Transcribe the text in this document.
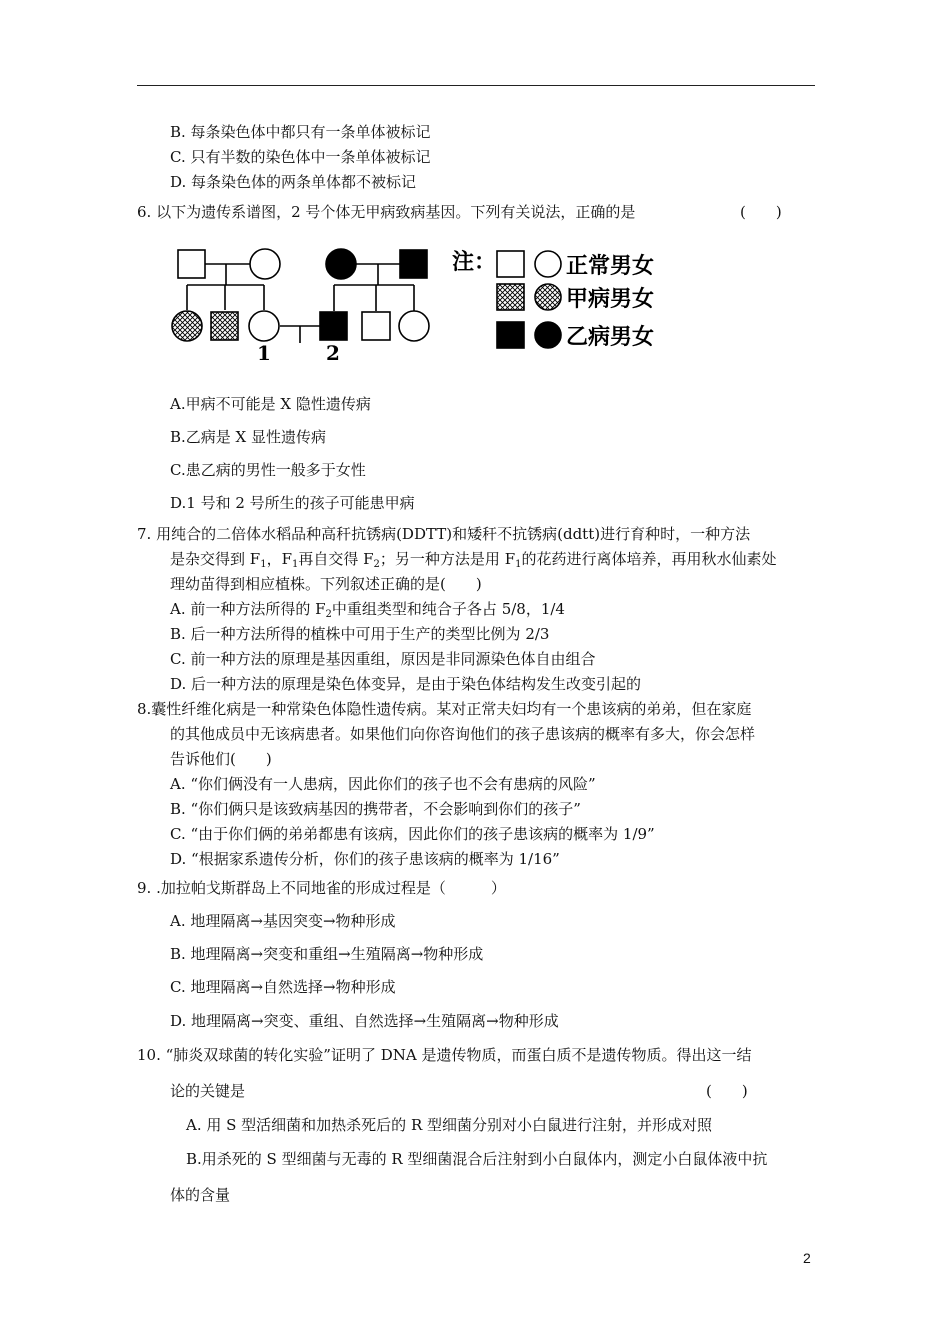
B. 每条染色体中都只有一条单体被标记
C. 只有半数的染色体中一条单体被标记
D. 每条染色体的两条单体都不被标记
6. 以下为遗传系谱图，2 号个体无甲病致病基因。下列有关说法，正确的是	(　　)
1	2
注：	正常男女
甲病男女
乙病男女
A.甲病不可能是 X 隐性遗传病
B.乙病是 X 显性遗传病
C.患乙病的男性一般多于女性
D.1 号和 2 号所生的孩子可能患甲病
7. 用纯合的二倍体水稻品种高秆抗锈病(DDTT)和矮秆不抗锈病(ddtt)进行育种时，一种方法
是杂交得到 $F_1$，$F_1$再自交得 $F_2$；另一种方法是用 $F_1$的花药进行离体培养，再用秋水仙素处
理幼苗得到相应植株。下列叙述正确的是(　　)
A. 前一种方法所得的 $F_2$中重组类型和纯合子各占 5/8，1/4
B. 后一种方法所得的植株中可用于生产的类型比例为 2/3
C. 前一种方法的原理是基因重组，原因是非同源染色体自由组合
D. 后一种方法的原理是染色体变异，是由于染色体结构发生改变引起的
8.囊性纤维化病是一种常染色体隐性遗传病。某对正常夫妇均有一个患该病的弟弟，但在家庭
的其他成员中无该病患者。如果他们向你咨询他们的孩子患该病的概率有多大，你会怎样
告诉他们(　　)
A. “你们俩没有一人患病，因此你们的孩子也不会有患病的风险”
B. “你们俩只是该致病基因的携带者，不会影响到你们的孩子”
C. “由于你们俩的弟弟都患有该病，因此你们的孩子患该病的概率为 1/9”
D. “根据家系遗传分析，你们的孩子患该病的概率为 1/16”
9. .加拉帕戈斯群岛上不同地雀的形成过程是（　　　）
A. 地理隔离→基因突变→物种形成
B. 地理隔离→突变和重组→生殖隔离→物种形成
C. 地理隔离→自然选择→物种形成
D. 地理隔离→突变、重组、自然选择→生殖隔离→物种形成
10. “肺炎双球菌的转化实验”证明了 DNA 是遗传物质，而蛋白质不是遗传物质。得出这一结
论的关键是	(　　)
A. 用 S 型活细菌和加热杀死后的 R 型细菌分别对小白鼠进行注射，并形成对照
B.用杀死的 S 型细菌与无毒的 R 型细菌混合后注射到小白鼠体内，测定小白鼠体液中抗
体的含量
2
